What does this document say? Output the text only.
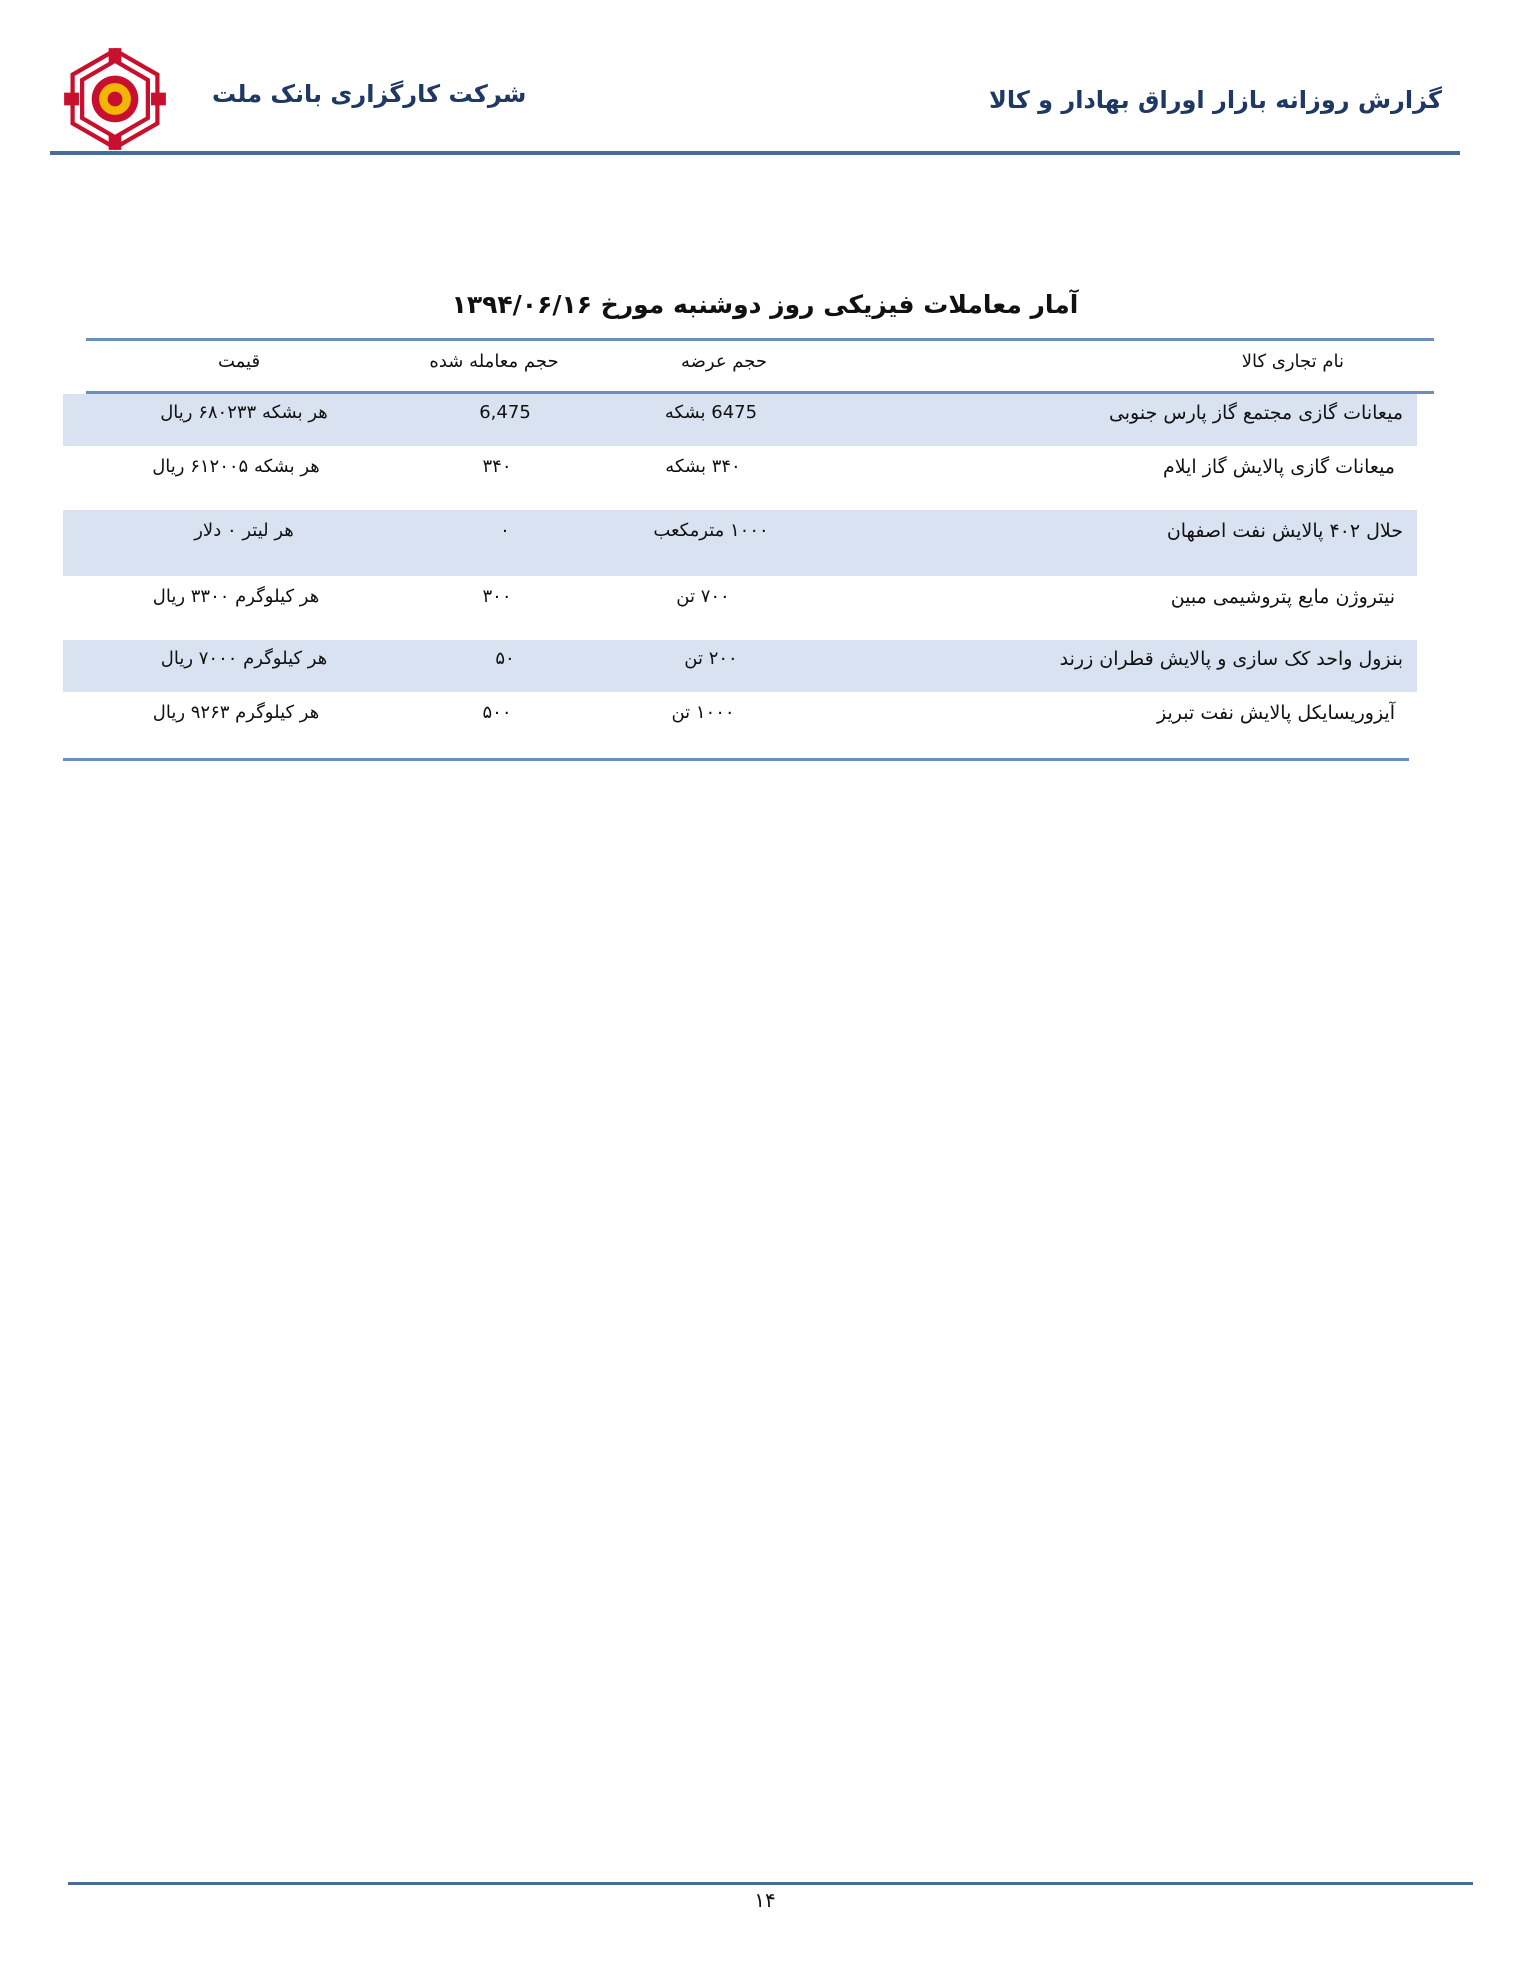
شرکت کارگزاری بانک ملت	گزارش روزانه بازار اوراق بهادار و کالا
آمار معاملات فیزیکی روز دوشنبه مورخ ۱۳۹۴/۰۶/۱۶
نام تجاری کالا
حجم عرضه
حجم معامله شده
قیمت
میعانات گازی مجتمع گاز پارس جنوبی
6475 بشکه
6,475
هر بشکه ۶۸۰۲۳۳ ریال
میعانات گازی پالایش گاز ایلام
۳۴۰ بشکه
۳۴۰
هر بشکه ۶۱۲۰۰۵ ریال
حلال ۴۰۲ پالایش نفت اصفهان
۱۰۰۰ مترمکعب
۰
هر لیتر ۰ دلار
نیتروژن مایع پتروشیمی مبین
۷۰۰ تن
۳۰۰
هر کیلوگرم ۳۳۰۰ ریال
بنزول واحد کک سازی و پالایش قطران زرند
۲۰۰ تن
۵۰
هر کیلوگرم ۷۰۰۰ ریال
آیزوریسایکل پالایش نفت تبریز
۱۰۰۰ تن
۵۰۰
هر کیلوگرم ۹۲۶۳ ریال
۱۴
